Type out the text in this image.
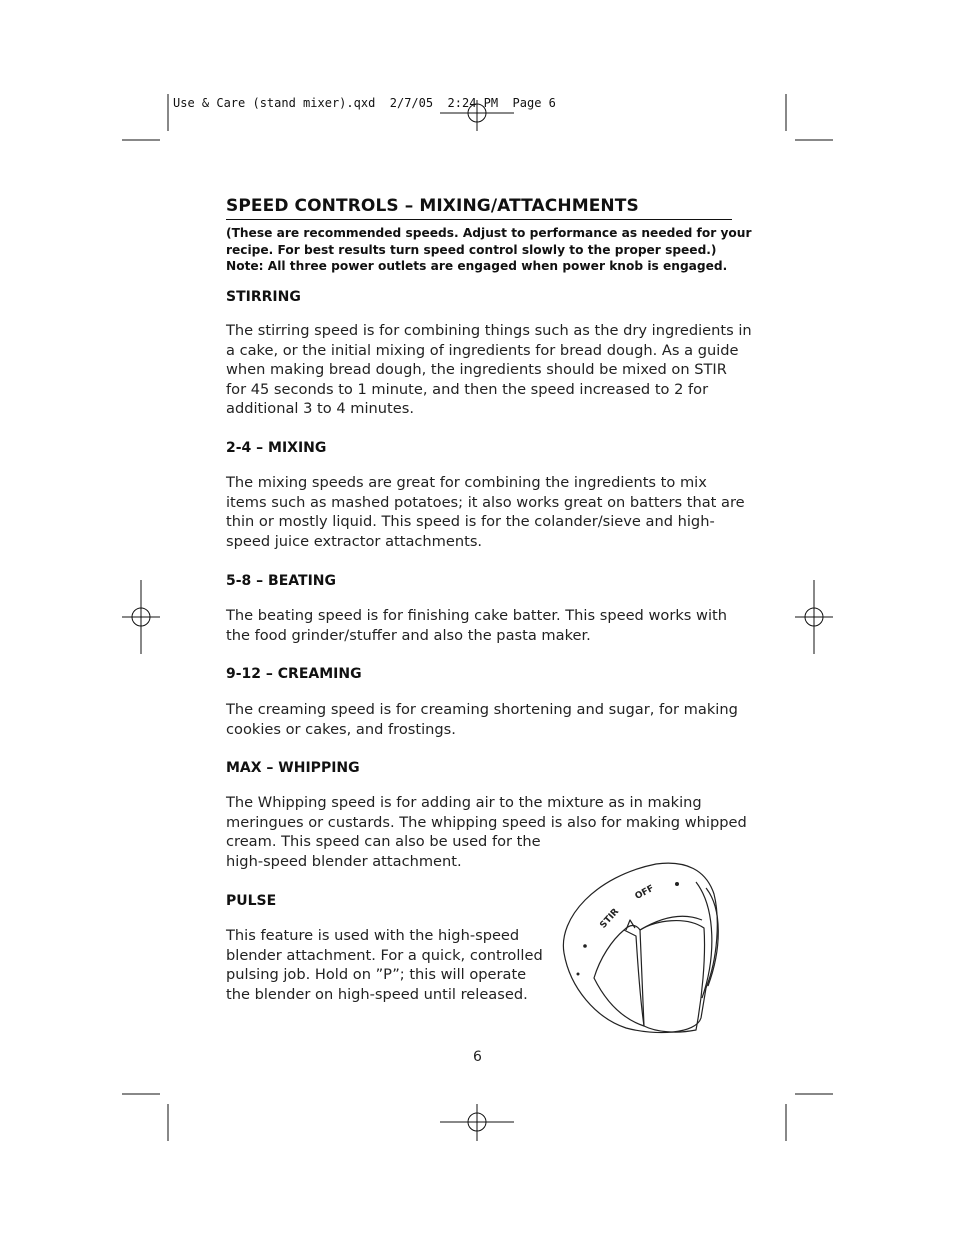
Use & Care (stand mixer).qxd  2/7/05  2:24 PM  Page 6
SPEED CONTROLS – MIXING/ATTACHMENTS
(These are recommended speeds. Adjust to performance as needed for your
recipe. For best results turn speed control slowly to the proper speed.)
Note: All three power outlets are engaged when power knob is engaged.
STIRRING
The stirring speed is for combining things such as the dry ingredients in
a cake, or the initial mixing of ingredients for bread dough. As a guide
when making bread dough, the ingredients should be mixed on STIR
for 45 seconds to 1 minute, and then the speed increased to 2 for
additional 3 to 4 minutes.
2-4 – MIXING
The mixing speeds are great for combining the ingredients to mix
items such as mashed potatoes; it also works great on batters that are
thin or mostly liquid. This speed is for the colander/sieve and high-
speed juice extractor attachments.
5-8 – BEATING
The beating speed is for finishing cake batter. This speed works with
the food grinder/stuffer and also the pasta maker.
9-12 – CREAMING
The creaming speed is for creaming shortening and sugar, for making
cookies or cakes, and frostings.
MAX – WHIPPING
The Whipping speed is for adding air to the mixture as in making
meringues or custards. The whipping speed is also for making whipped
cream. This speed can also be used for the
high-speed blender attachment.
PULSE
This feature is used with the high-speed
blender attachment. For a quick, controlled
pulsing job. Hold on ”P”; this will operate
the blender on high-speed until released.
STIR
OFF
6
